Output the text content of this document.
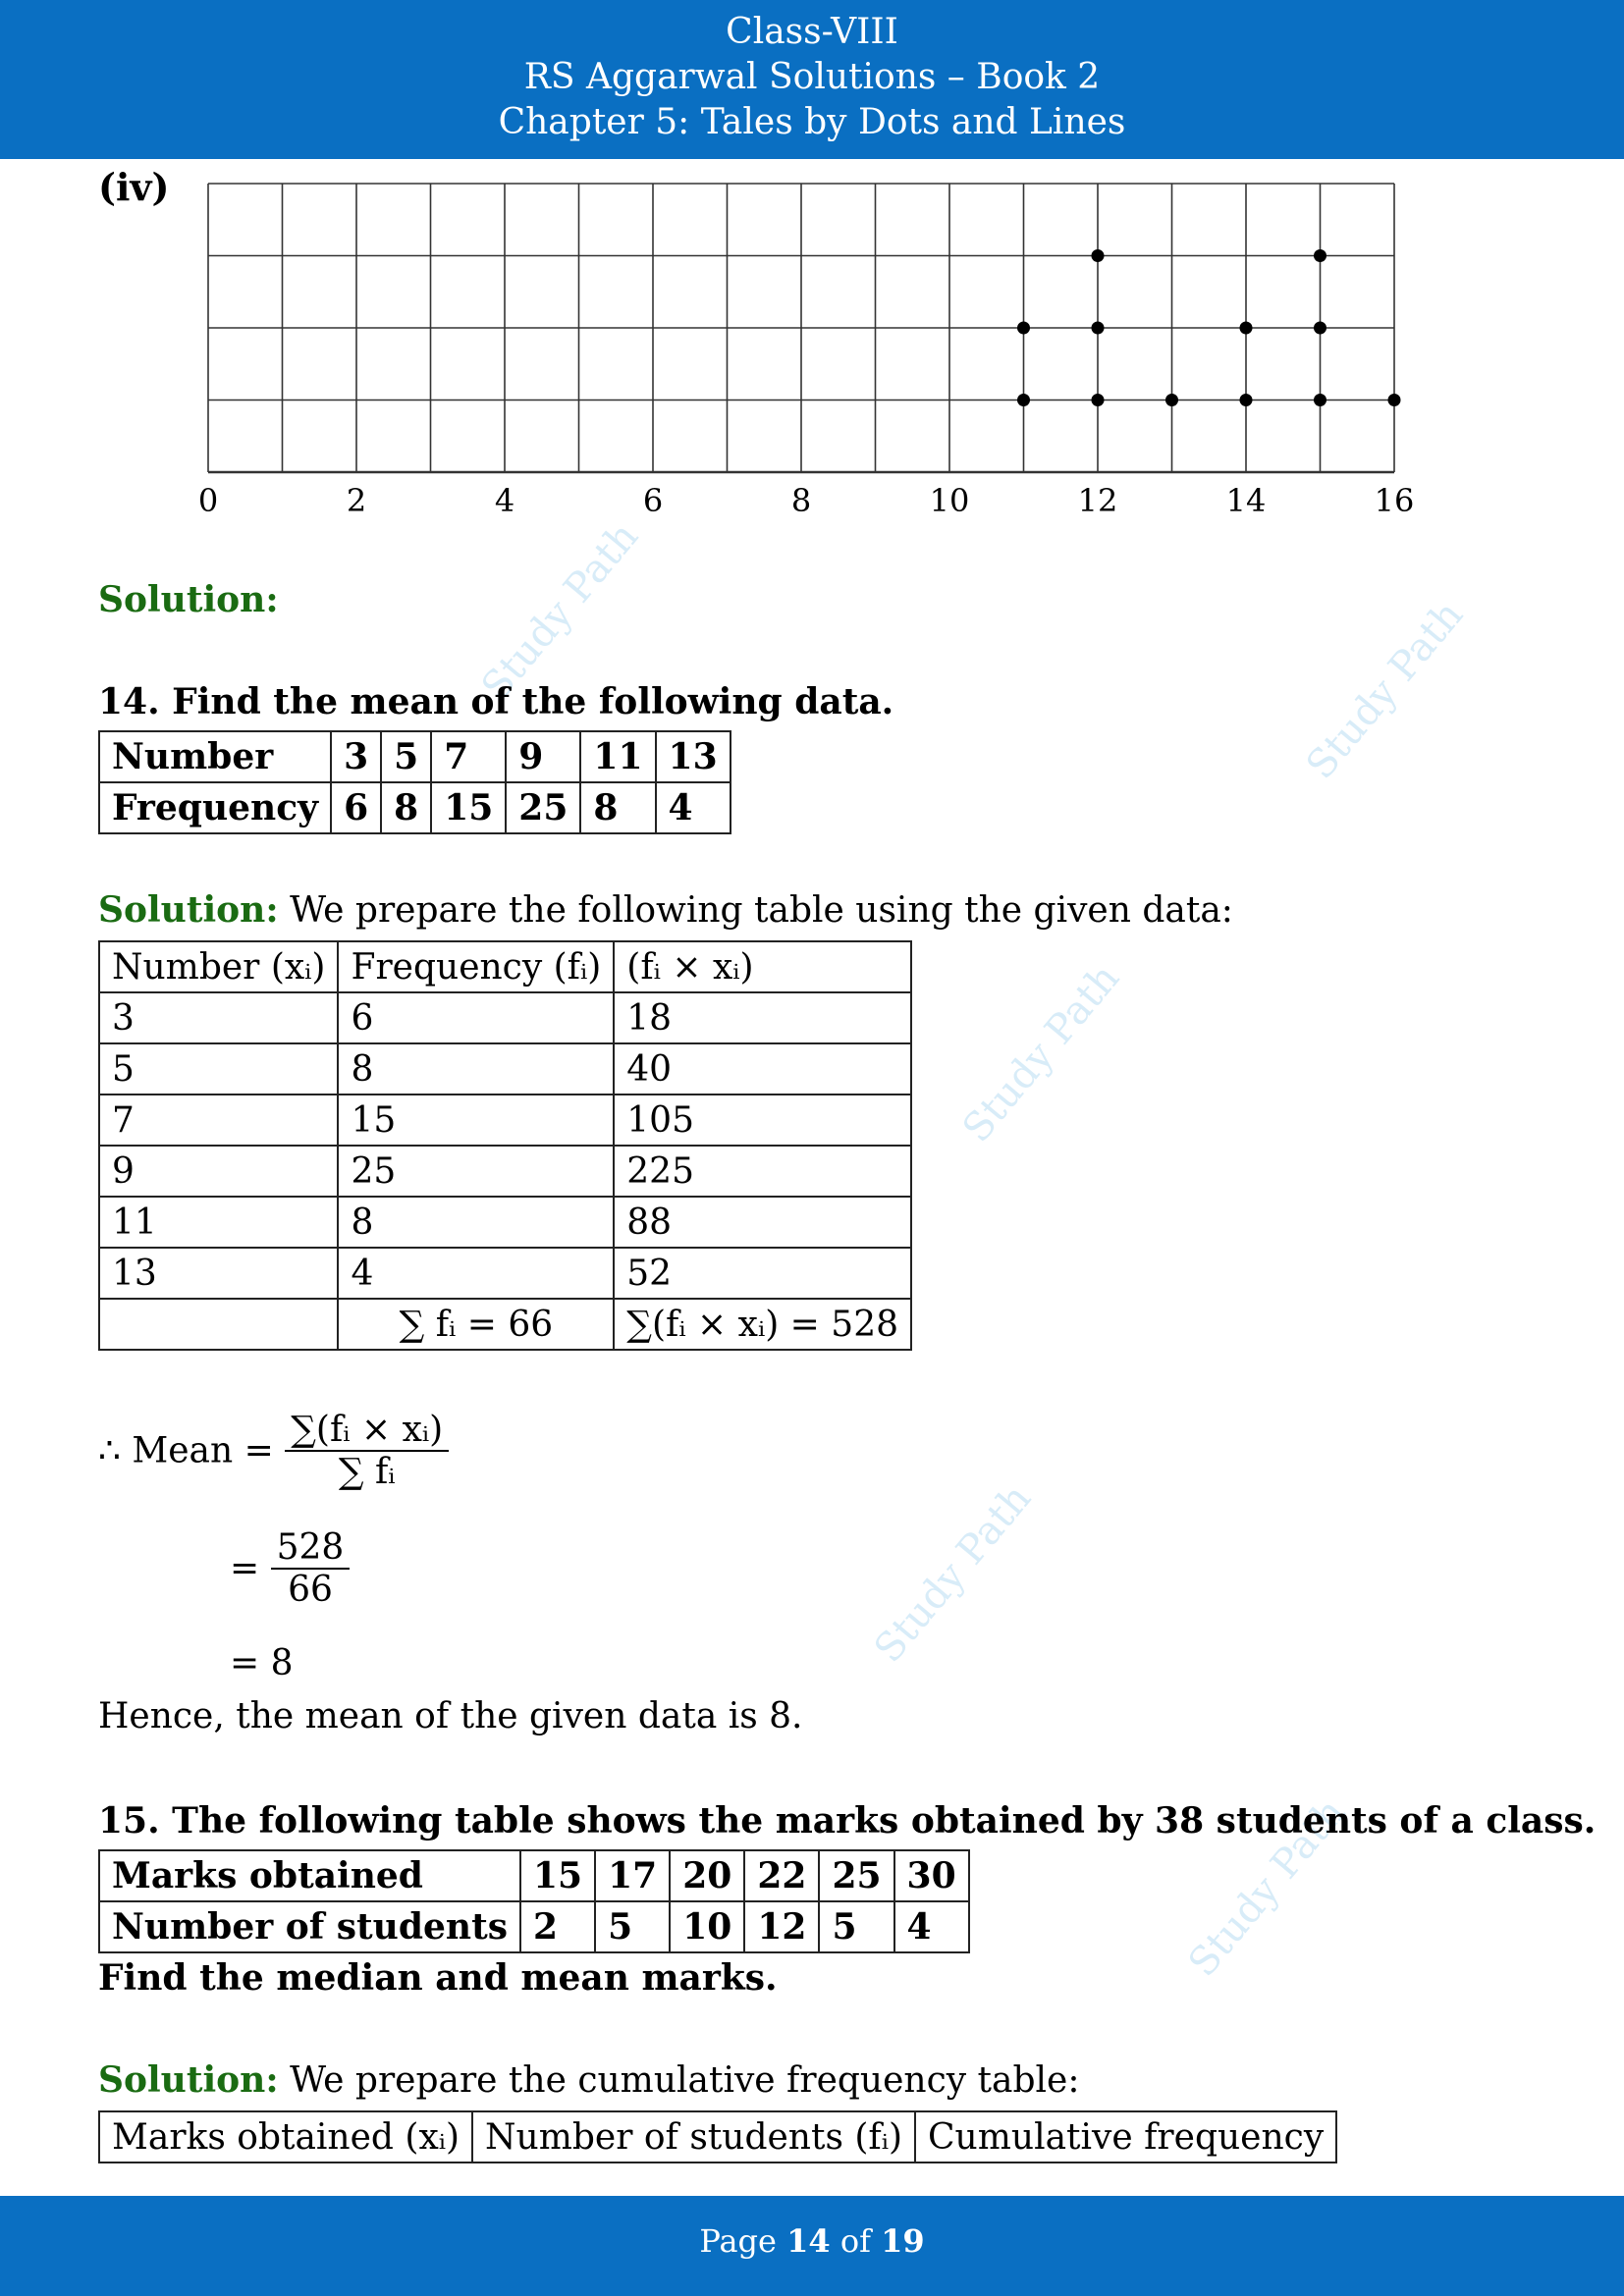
Class-VIII
RS Aggarwal Solutions – Book 2
Chapter 5: Tales by Dots and Lines
Study Path
Study Path
Study Path
Study Path
Study Path
(iv)
0	2	4	6	8	10	12	14	16
Solution:
14. Find the mean of the following data.
Number	3	5	7	9	11	13
Frequency	6	8	15	25	8	4
Solution: We prepare the following table using the given data:
Number (xᵢ)	Frequency (fᵢ)	(fᵢ × xᵢ)
3	6	18
5	8	40
7	15	105
9	25	225
11	8	88
13	4	52
	∑ fᵢ = 66	∑(fᵢ × xᵢ) = 528
∴ Mean = $\frac{\text{∑(fᵢ × xᵢ)}}{\text{∑ fᵢ}}$
= $\frac{528}{66}$
= 8
Hence, the mean of the given data is 8.
15. The following table shows the marks obtained by 38 students of a class.
Marks obtained	15	17	20	22	25	30
Number of students	2	5	10	12	5	4
Find the median and mean marks.
Solution: We prepare the cumulative frequency table:
Marks obtained (xᵢ)	Number of students (fᵢ)	Cumulative frequency
Page 14 of 19
